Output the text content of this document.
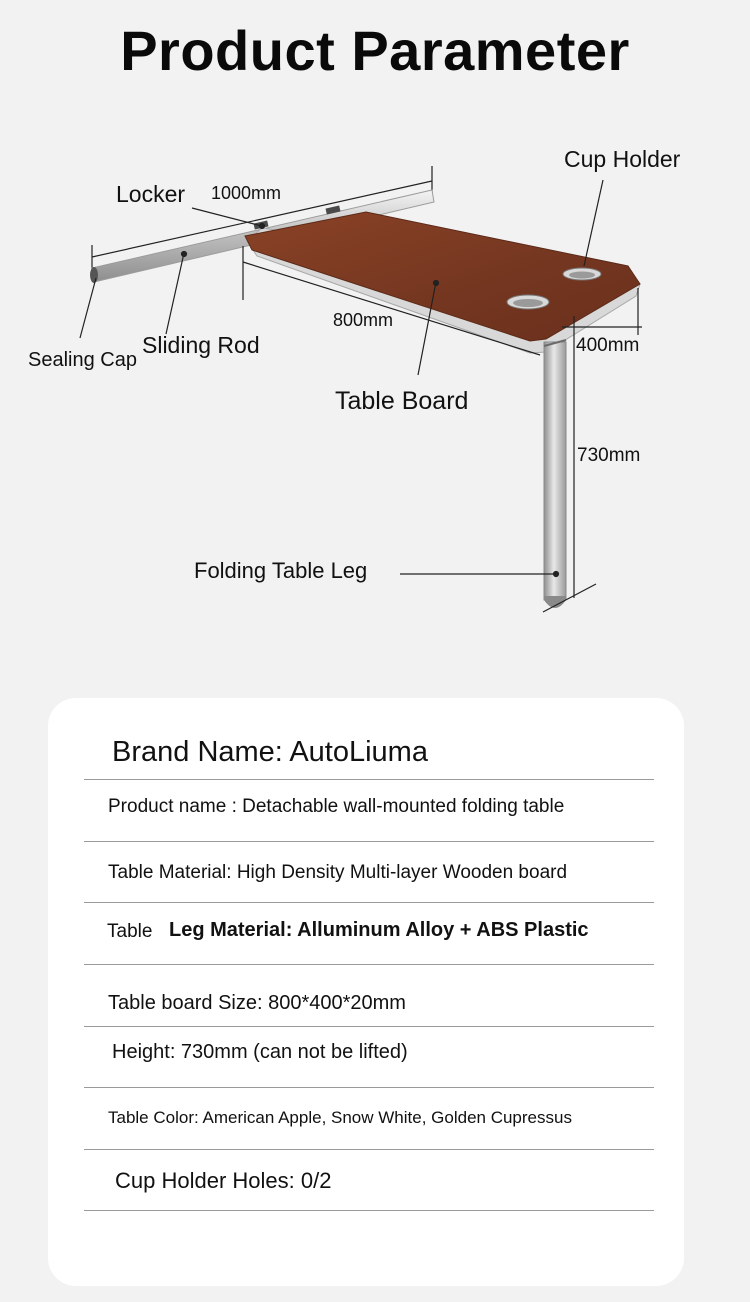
Product Parameter
Locker 1000mm
Cup Holder
Sealing Cap
Sliding Rod
800mm
400mm
Table Board
730mm
Folding Table Leg
Brand Name: AutoLiuma
Product name : Detachable wall-mounted folding table
Table Material: High Density Multi-layer Wooden board
Table Leg Material: Alluminum Alloy + ABS Plastic
Table board Size: 800*400*20mm
Height: 730mm (can not be lifted)
Table Color: American Apple, Snow White, Golden Cupressus
Cup Holder Holes: 0/2
